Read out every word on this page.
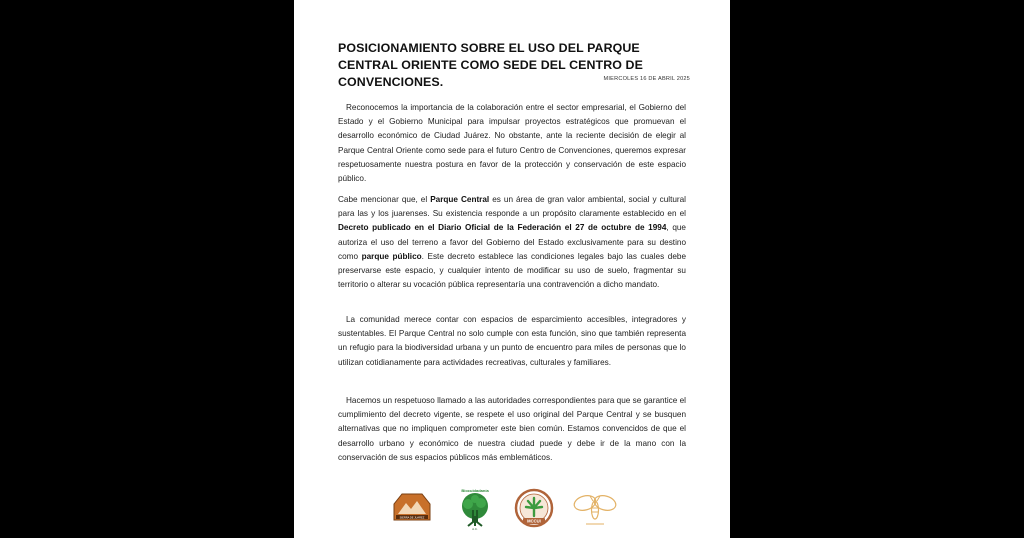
POSICIONAMIENTO SOBRE EL USO DEL PARQUE CENTRAL ORIENTE COMO SEDE DEL CENTRO DE CONVENCIONES.	MIERCOLES 16 DE ABRIL 2025

Reconocemos la importancia de la colaboración entre el sector empresarial, el Gobierno del Estado y el Gobierno Municipal para impulsar proyectos estratégicos que promuevan el desarrollo económico de Ciudad Juárez. No obstante, ante la reciente decisión de elegir al Parque Central Oriente como sede para el futuro Centro de Convenciones, queremos expresar respetuosamente nuestra postura en favor de la protección y conservación de este espacio público.

Cabe mencionar que, el Parque Central es un área de gran valor ambiental, social y cultural para las y los juarenses. Su existencia responde a un propósito claramente establecido en el Decreto publicado en el Diario Oficial de la Federación el 27 de octubre de 1994, que autoriza el uso del terreno a favor del Gobierno del Estado exclusivamente para su destino como parque público. Este decreto establece las condiciones legales bajo las cuales debe preservarse este espacio, y cualquier intento de modificar su uso de suelo, fragmentar su territorio o alterar su vocación pública representaría una contravención a dicho mandato.

La comunidad merece contar con espacios de esparcimiento accesibles, integradores y sustentables. El Parque Central no solo cumple con esta función, sino que también representa un refugio para la biodiversidad urbana y un punto de encuentro para miles de personas que lo utilizan cotidianamente para actividades recreativas, culturales y familiares.

Hacemos un respetuoso llamado a las autoridades correspondientes para que se garantice el cumplimiento del decreto vigente, se respete el uso original del Parque Central y se busquen alternativas que no impliquen comprometer este bien común. Estamos convencidos de que el desarrollo urbano y económico de nuestra ciudad puede y debe ir de la mano con la conservación de sus espacios públicos más emblemáticos.

SIERRA DE JUAREZ
Biocuidadanía
A.C.
MCCUI
